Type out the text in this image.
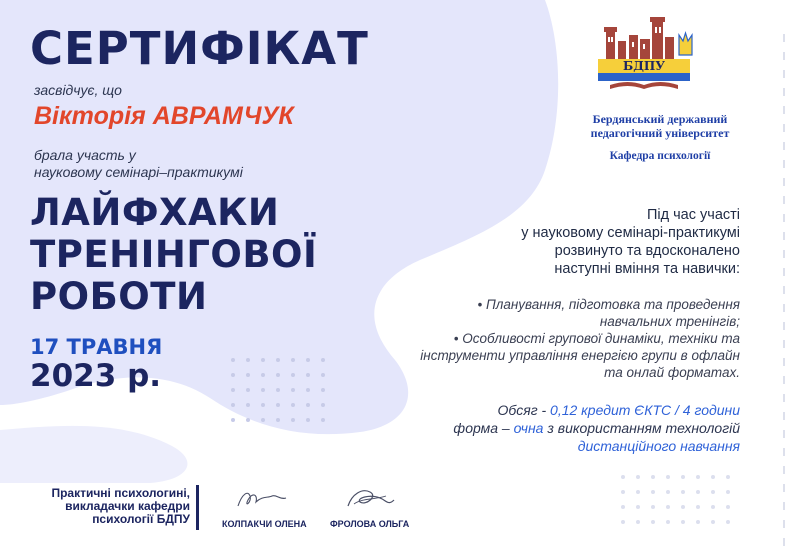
СЕРТИФІКАТ
засвідчує, що
Вікторія АВРАМЧУК
брала участь у
науковому семінарі–практикумі
ЛАЙФХАКИ
ТРЕНІНГОВОЇ
РОБОТИ
17 ТРАВНЯ
2023 р.
БДПУ
Бердянський державний
педагогічний університет
Кафедра психології
Під час участі
у науковому семінарі-практикумі
розвинуто та вдосконалено
наступні вміння та навички:
• Планування, підготовка та проведення навчальних тренінгів;
• Особливості групової динаміки, техніки та інструменти управління енергією групи в офлайн та онлай форматах.
Обсяг - 0,12 кредит ЄКТС / 4 години
форма – очна з використанням технологій
дистанційного навчання
Практичні психологині,
викладачки кафедри
психології БДПУ	КОЛПАКЧИ ОЛЕНА	ФРОЛОВА ОЛЬГА
